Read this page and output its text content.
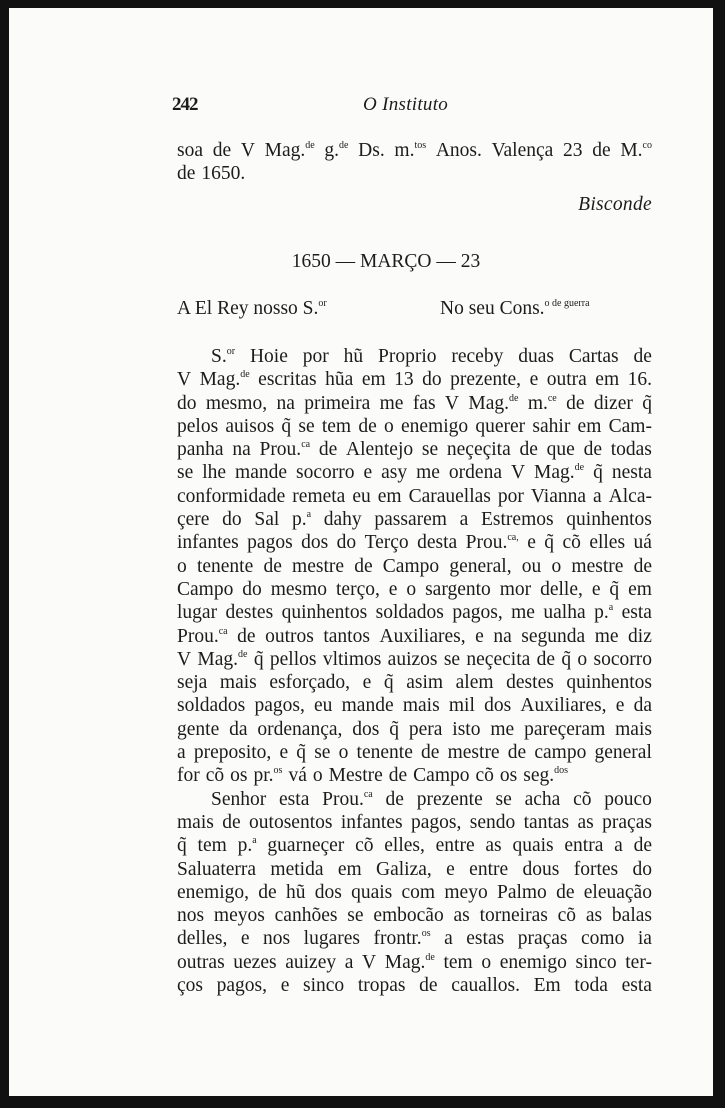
242	O Instituto
soa de V Mag.$^{de}$ g.$^{de}$ Ds. m.$^{tos}$ Anos. Valença 23 de M.$^{co}$
de 1650.
Bisconde
1650 — MARÇO — 23
A El Rey nosso S.$^{or}$	No seu Cons.$^{o de guerra}$
S.$^{or}$ Hoie por hũ Proprio receby duas Cartas de
V Mag.$^{de}$ escritas hũa em 13 do prezente, e outra em 16.
do mesmo, na primeira me fas V Mag.$^{de}$ m.$^{ce}$ de dizer q̃
pelos auisos q̃ se tem de o enemigo querer sahir em Cam-
panha na Prou.$^{ca}$ de Alentejo se neçeçita de que de todas
se lhe mande socorro e asy me ordena V Mag.$^{de}$ q̃ nesta
conformidade remeta eu em Carauellas por Vianna a Alca-
çere do Sal p.$^a$ dahy passarem a Estremos quinhentos
infantes pagos dos do Terço desta Prou.$^{ca,}$ e q̃ cõ elles uá
o tenente de mestre de Campo general, ou o mestre de
Campo do mesmo terço, e o sargento mor delle, e q̃ em
lugar destes quinhentos soldados pagos, me ualha p.$^a$ esta
Prou.$^{ca}$ de outros tantos Auxiliares, e na segunda me diz
V Mag.$^{de}$ q̃ pellos vltimos auizos se neçecita de q̃ o socorro
seja mais esforçado, e q̃ asim alem destes quinhentos
soldados pagos, eu mande mais mil dos Auxiliares, e da
gente da ordenança, dos q̃ pera isto me pareçeram mais
a preposito, e q̃ se o tenente de mestre de campo general
for cõ os pr.$^{os}$ vá o Mestre de Campo cõ os seg.$^{dos}$
Senhor esta Prou.$^{ca}$ de prezente se acha cõ pouco
mais de outosentos infantes pagos, sendo tantas as praças
q̃ tem p.$^a$ guarneçer cõ elles, entre as quais entra a de
Saluaterra metida em Galiza, e entre dous fortes do
enemigo, de hũ dos quais com meyo Palmo de eleuação
nos meyos canhões se embocão as torneiras cõ as balas
delles, e nos lugares frontr.$^{os}$ a estas praças como ia
outras uezes auizey a V Mag.$^{de}$ tem o enemigo sinco ter-
ços pagos, e sinco tropas de cauallos. Em toda esta
